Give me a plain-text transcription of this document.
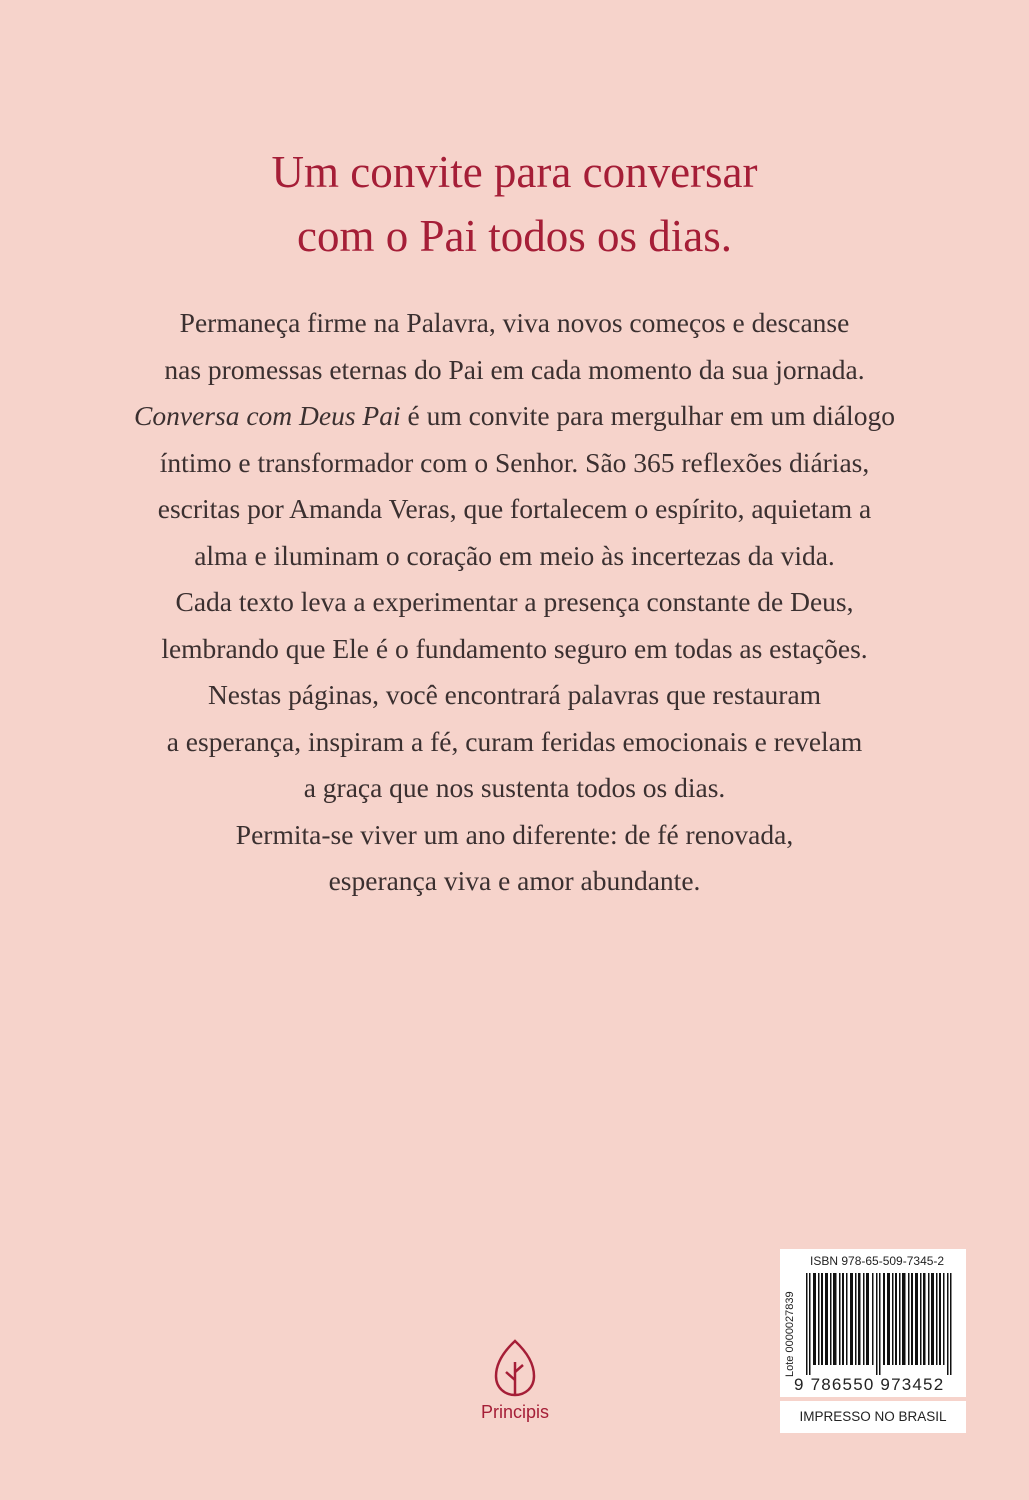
Um convite para conversar
com o Pai todos os dias.
Permaneça firme na Palavra, viva novos começos e descanse
nas promessas eternas do Pai em cada momento da sua jornada.
Conversa com Deus Pai é um convite para mergulhar em um diálogo
íntimo e transformador com o Senhor. São 365 reflexões diárias,
escritas por Amanda Veras, que fortalecem o espírito, aquietam a
alma e iluminam o coração em meio às incertezas da vida.
Cada texto leva a experimentar a presença constante de Deus,
lembrando que Ele é o fundamento seguro em todas as estações.
Nestas páginas, você encontrará palavras que restauram
a esperança, inspiram a fé, curam feridas emocionais e revelam
a graça que nos sustenta todos os dias.
Permita-se viver um ano diferente: de fé renovada,
esperança viva e amor abundante.
Principis
ISBN 978-65-509-7345-2
Lote 0000027839
9 786550 973452
IMPRESSO NO BRASIL
